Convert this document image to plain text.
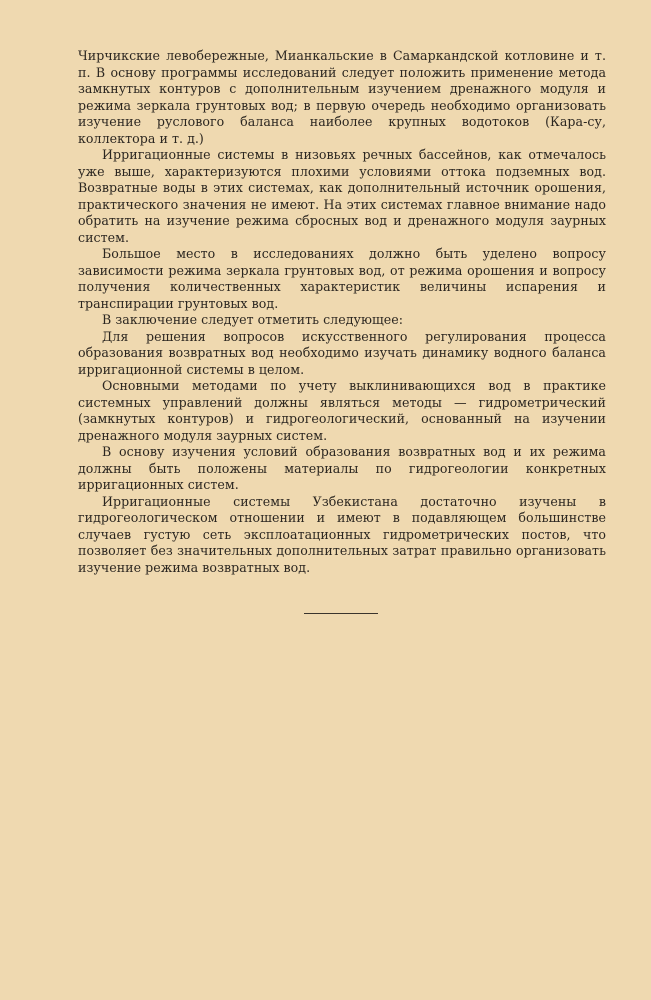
Чирчикские левобережные, Мианкальские в Самаркандской котловине и т. п. В основу программы исследований следует положить применение метода замкнутых контуров с дополнительным изучением дренажного модуля и режима зеркала грунтовых вод; в первую очередь необходимо организовать изучение руслового баланса наиболее крупных водотоков (Кара-су, коллектора и т. д.)

Ирригационные системы в низовьях речных бассейнов, как отмечалось уже выше, характеризуются плохими условиями оттока подземных вод. Возвратные воды в этих системах, как дополнительный источник орошения, практического значения не имеют. На этих системах главное внимание надо обратить на изучение режима сбросных вод и дренажного модуля заурных систем.

Большое место в исследованиях должно быть уделено вопросу зависимости режима зеркала грунтовых вод, от режима орошения и вопросу получения количественных характеристик величины испарения и транспирации грунтовых вод.

В заключение следует отметить следующее:

Для решения вопросов искусственного регулирования процесса образования возвратных вод необходимо изучать динамику водного баланса ирригационной системы в целом.

Основными методами по учету выклинивающихся вод в практике системных управлений должны являться методы — гидрометрический (замкнутых контуров) и гидрогеологический, основанный на изучении дренажного модуля заурных систем.

В основу изучения условий образования возвратных вод и их режима должны быть положены материалы по гидрогеологии конкретных ирригационных систем.

Ирригационные системы Узбекистана достаточно изучены в гидрогеологическом отношении и имеют в подавляющем большинстве случаев густую сеть эксплоатационных гидрометрических постов, что позволяет без значительных дополнительных затрат правильно организовать изучение режима возвратных вод.
